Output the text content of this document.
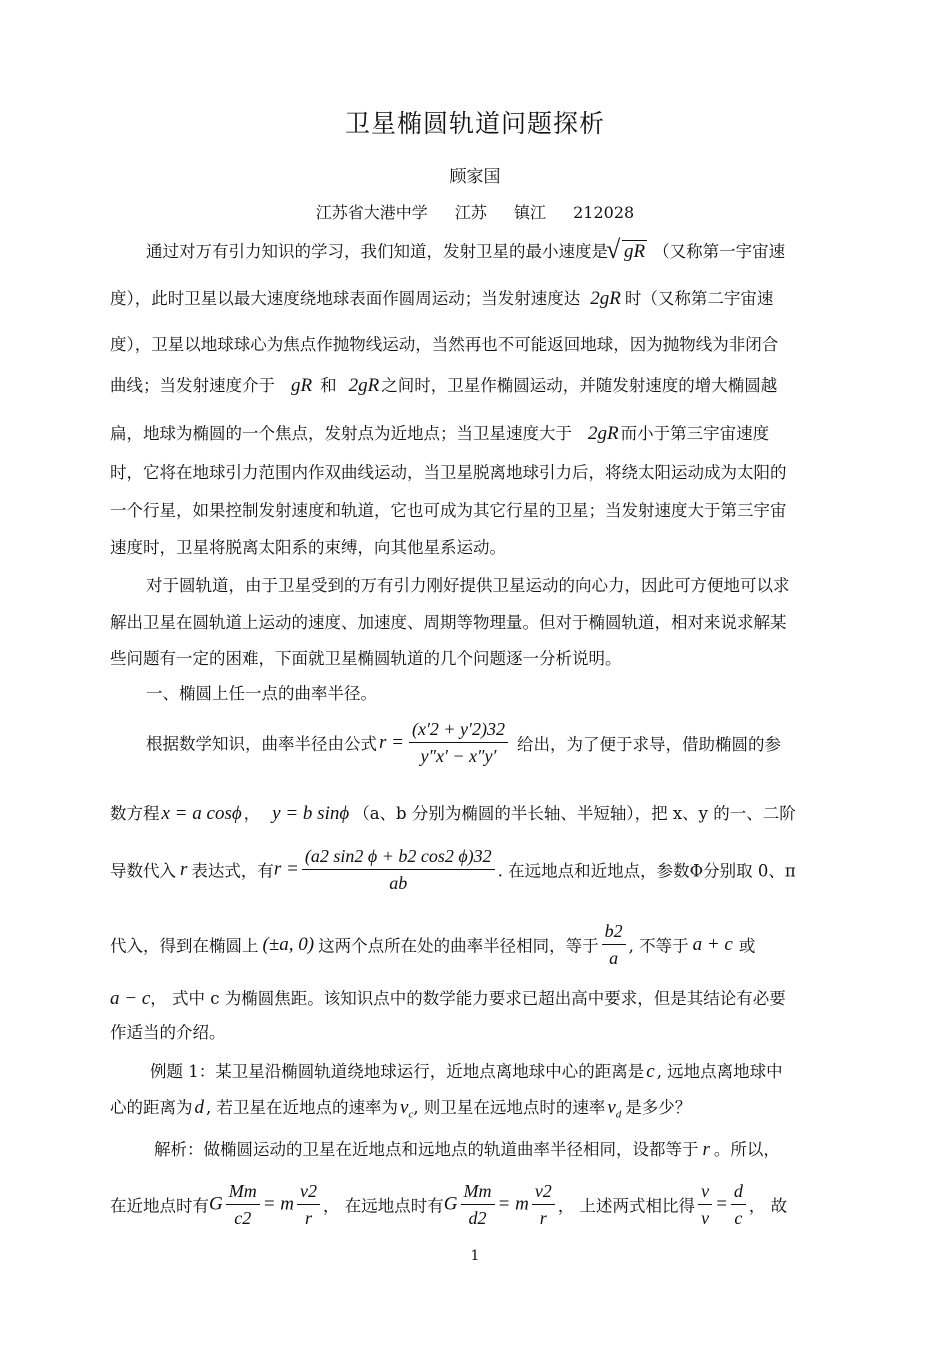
卫星椭圆轨道问题探析
顾家国
江苏省大港中学 江苏 镇江 212028
通过对万有引力知识的学习，我们知道，发射卫星的最小速度是√ gR （又称第一宇宙速
度），此时卫星以最大速度绕地球表面作圆周运动；当发射速度达 2gR 时（又称第二宇宙速
度），卫星以地球球心为焦点作抛物线运动，当然再也不可能返回地球，因为抛物线为非闭合
曲线；当发射速度介于 gR 和 2gR 之间时，卫星作椭圆运动，并随发射速度的增大椭圆越
扁，地球为椭圆的一个焦点，发射点为近地点；当卫星速度大于 2gR 而小于第三宇宙速度
时，它将在地球引力范围内作双曲线运动，当卫星脱离地球引力后，将绕太阳运动成为太阳的
一个行星，如果控制发射速度和轨道，它也可成为其它行星的卫星；当发射速度大于第三宇宙
速度时，卫星将脱离太阳系的束缚，向其他星系运动。
对于圆轨道，由于卫星受到的万有引力刚好提供卫星运动的向心力，因此可方便地可以求
解出卫星在圆轨道上运动的速度、加速度、周期等物理量。但对于椭圆轨道，相对来说求解某
些问题有一定的困难，下面就卫星椭圆轨道的几个问题逐一分析说明。
一、椭圆上任一点的曲率半径。
根据数学知识，曲率半径由公式 $r = \frac{(x'2 + y'2)32}{y''x' - x''y'}$ 给出，为了便于求导，借助椭圆的参
数方程 x = a cosϕ ， y = b sinϕ （a、b 分别为椭圆的半长轴、半短轴），把 x、y 的一、二阶
导数代入 r 表达式，有$r = \frac{(a2 \sin 2 \phi + b2 \cos 2 \phi)32}{ab}$ . 在远地点和近地点，参数Φ分别取 0、π
代入，得到在椭圆上 (±a, 0) 这两个点所在处的曲率半径相同，等于 $\frac{b2}{a}$ , 不等于 a + c 或
a − c， 式中 c 为椭圆焦距。该知识点中的数学能力要求已超出高中要求，但是其结论有必要
作适当的介绍。
例题 1：某卫星沿椭圆轨道绕地球运行，近地点离地球中心的距离是 c , 远地点离地球中
心的距离为 d , 若卫星在近地点的速率为 $v_c$, 则卫星在远地点时的速率 $v_d$ 是多少？
解析：做椭圆运动的卫星在近地点和远地点的轨道曲率半径相同，设都等于 r 。所以，
在近地点时有G $\frac{Mm}{c2} = m \frac{v2}{r}$ ， 在远地点时有G $\frac{Mm}{d2} = m \frac{v2}{r}$ ， 上述两式相比得 $\frac{v}{v} = \frac{d}{c}$ ， 故
1
